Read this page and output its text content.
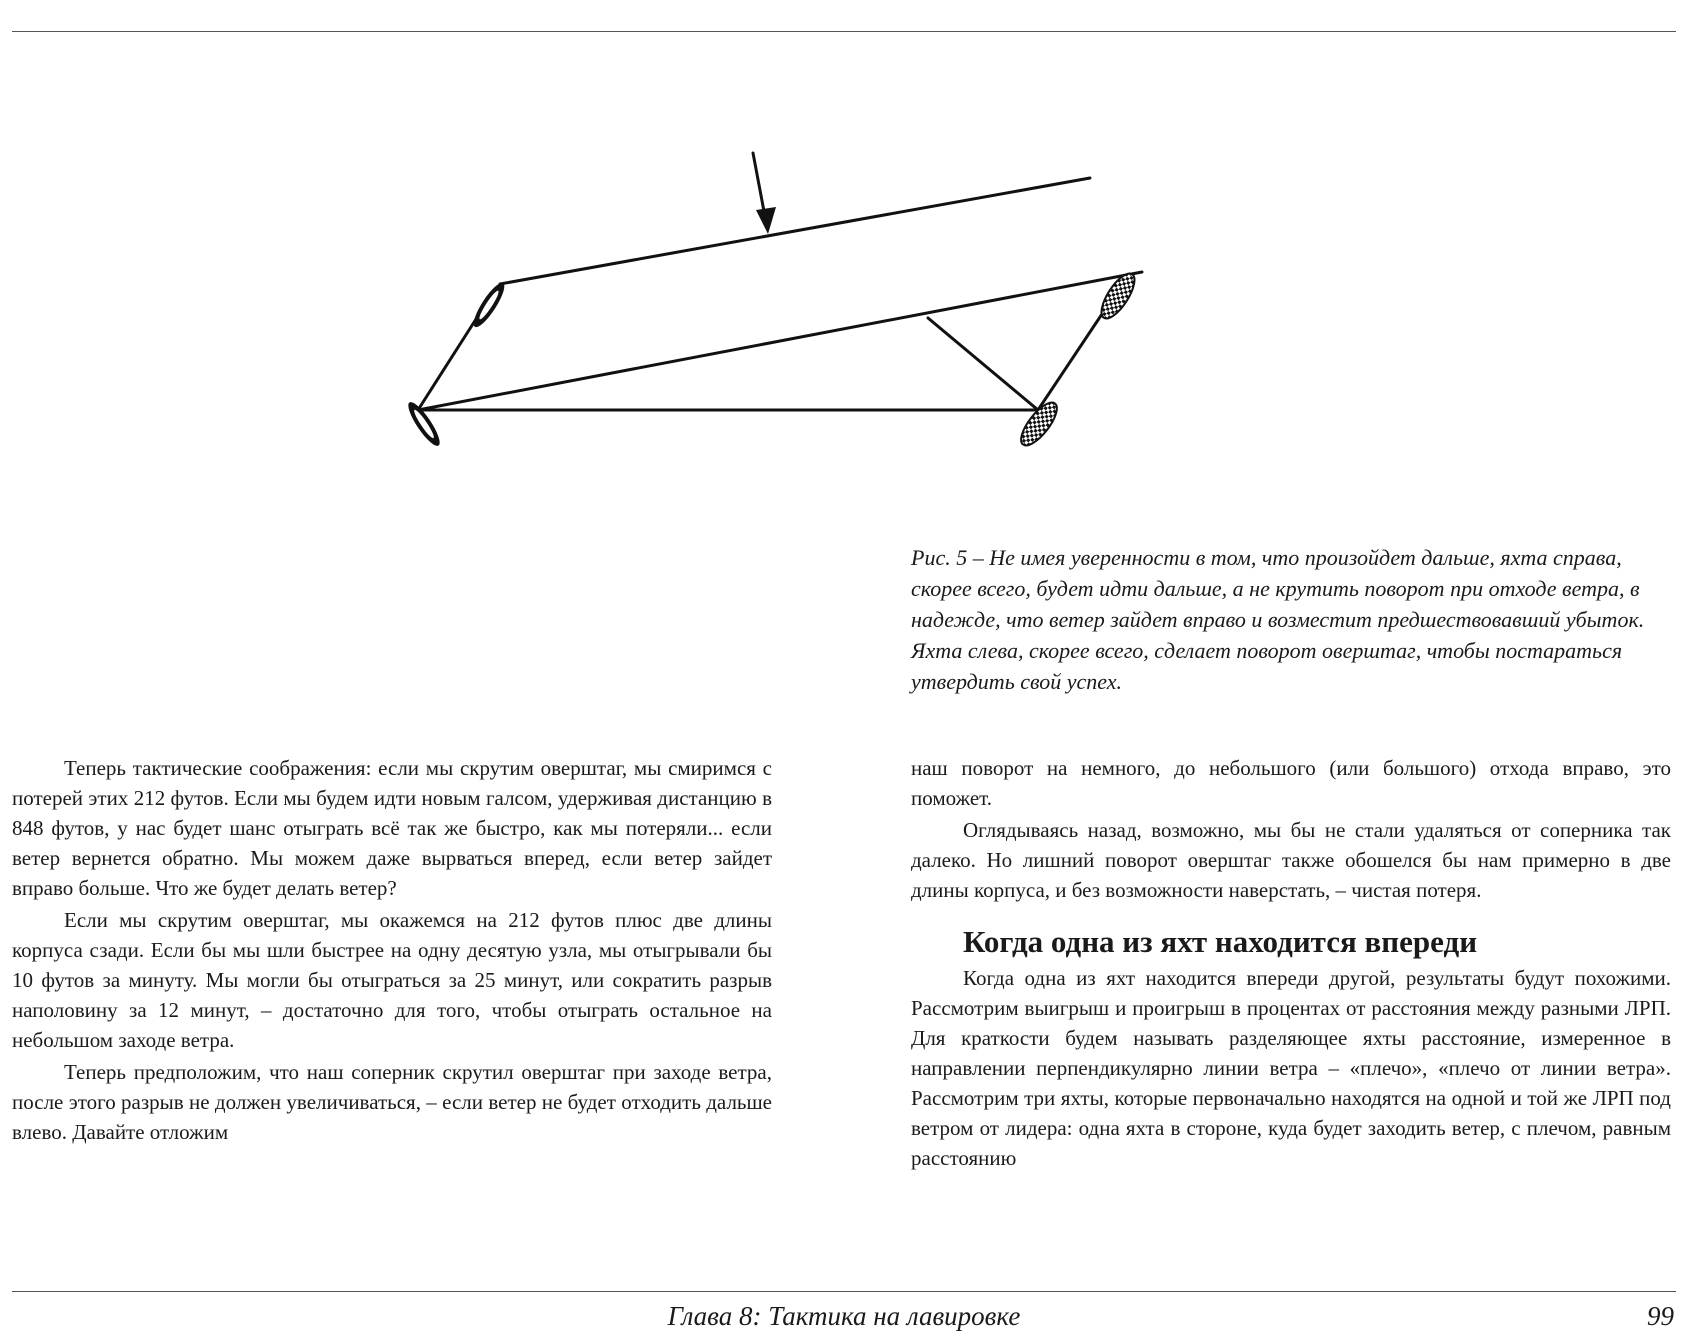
Рис. 5 – Не имея уверенности в том, что произойдет дальше, яхта справа, скорее всего, будет идти дальше, а не крутить поворот при отходе ветра, в надежде, что ветер зайдет вправо и возместит предшествовавший убыток. Яхта слева, скорее всего, сделает поворот оверштаг, чтобы постараться утвердить свой успех.

Теперь тактические соображения: если мы скрутим оверштаг, мы смиримся с потерей этих 212 футов. Если мы будем идти новым галсом, удерживая дистанцию в 848 футов, у нас будет шанс отыграть всё так же быстро, как мы потеряли... если ветер вернется обратно. Мы можем даже вырваться вперед, если ветер зайдет вправо больше. Что же будет делать ветер?

Если мы скрутим оверштаг, мы окажемся на 212 футов плюс две длины корпуса сзади. Если бы мы шли быстрее на одну десятую узла, мы отыгрывали бы 10 футов за минуту. Мы могли бы отыграться за 25 минут, или сократить разрыв наполовину за 12 минут, – достаточно для того, чтобы отыграть остальное на небольшом заходе ветра.

Теперь предположим, что наш соперник скрутил оверштаг при заходе ветра, после этого разрыв не должен увеличиваться, – если ветер не будет отходить дальше влево. Давайте отложим

наш поворот на немного, до небольшого (или большого) отхода вправо, это поможет.

Оглядываясь назад, возможно, мы бы не стали удаляться от соперника так далеко. Но лишний поворот оверштаг также обошелся бы нам примерно в две длины корпуса, и без возможности наверстать, – чистая потеря.

Когда одна из яхт находится впереди

Когда одна из яхт находится впереди другой, результаты будут похожими. Рассмотрим выигрыш и проигрыш в процентах от расстояния между разными ЛРП. Для краткости будем называть разделяющее яхты расстояние, измеренное в направлении перпендикулярно линии ветра – «плечо», «плечо от линии ветра». Рассмотрим три яхты, которые первоначально находятся на одной и той же ЛРП под ветром от лидера: одна яхта в стороне, куда будет заходить ветер, с плечом, равным расстоянию

Глава 8: Тактика на лавировке	99
